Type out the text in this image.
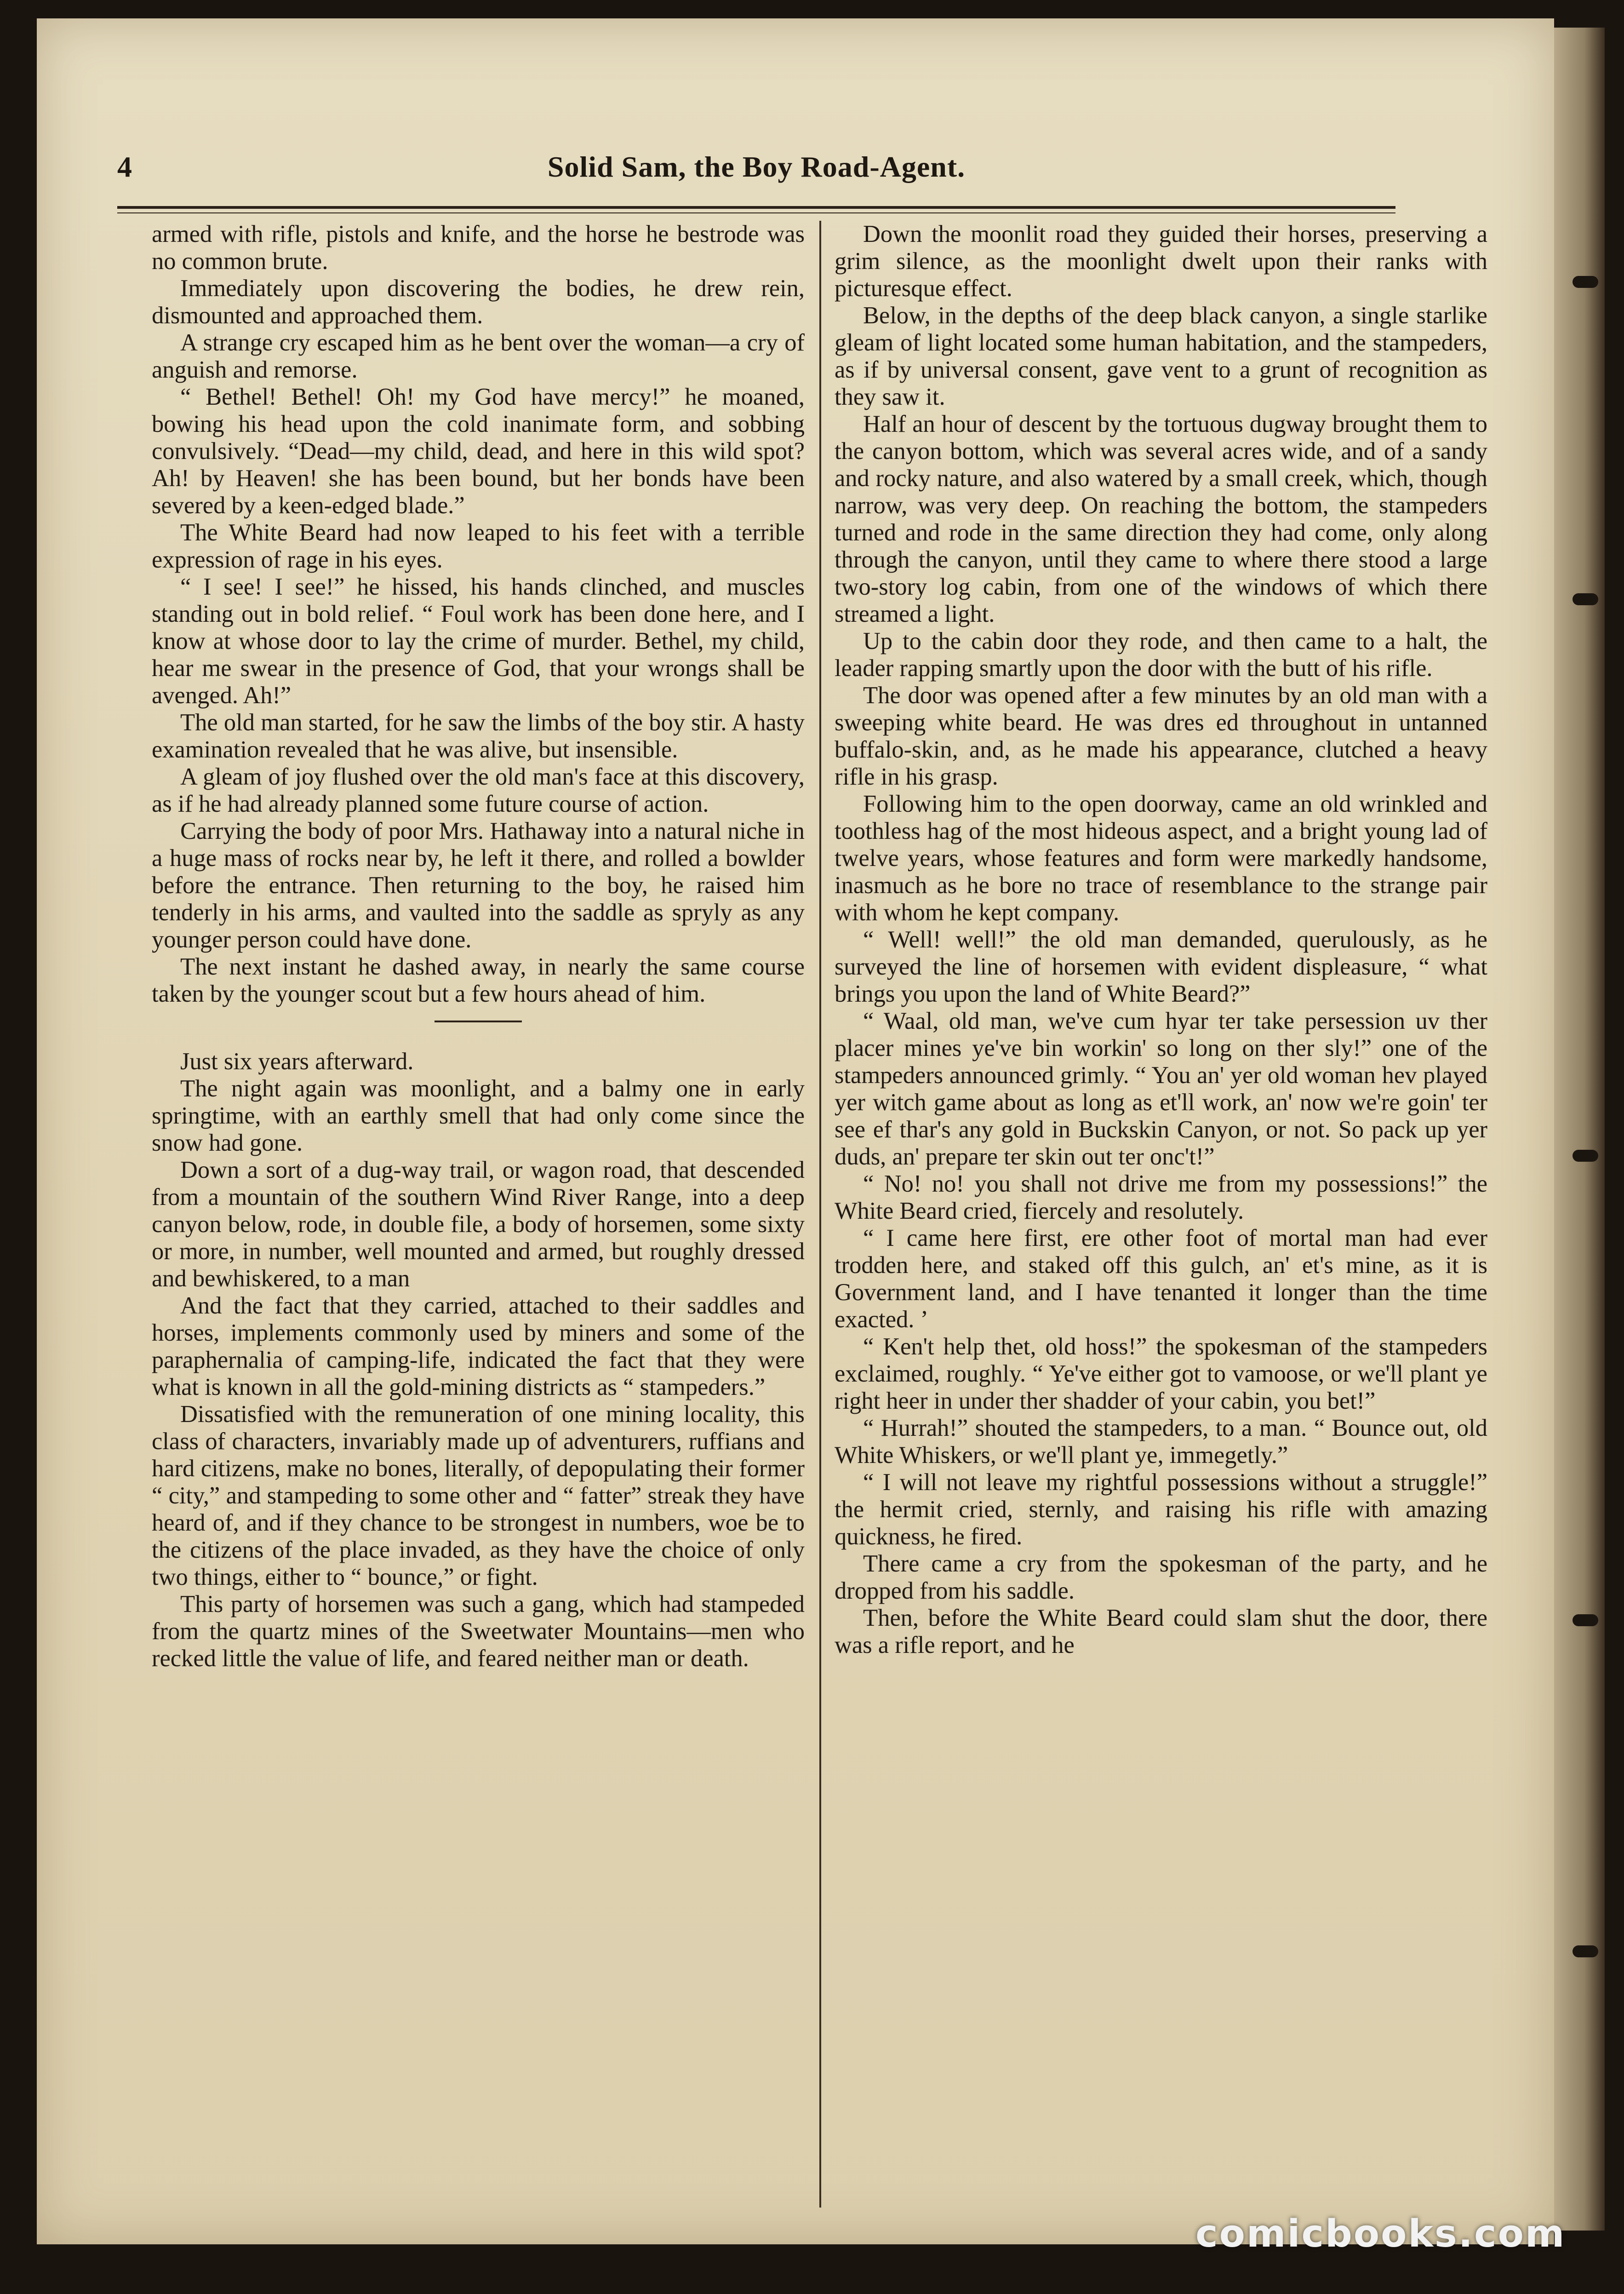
4	Solid Sam, the Boy Road-Agent.

armed with rifle, pistols and knife, and the horse he bestrode was no common brute.

Immediately upon discovering the bodies, he drew rein, dismounted and approached them.

A strange cry escaped him as he bent over the woman—a cry of anguish and remorse.

“ Bethel! Bethel! Oh! my God have mercy!” he moaned, bowing his head upon the cold inanimate form, and sobbing convulsively. “Dead—my child, dead, and here in this wild spot? Ah! by Heaven! she has been bound, but her bonds have been severed by a keen-edged blade.”

The White Beard had now leaped to his feet with a terrible expression of rage in his eyes.

“ I see! I see!” he hissed, his hands clinched, and muscles standing out in bold relief. “ Foul work has been done here, and I know at whose door to lay the crime of murder. Bethel, my child, hear me swear in the presence of God, that your wrongs shall be avenged. Ah!”

The old man started, for he saw the limbs of the boy stir. A hasty examination revealed that he was alive, but insensible.

A gleam of joy flushed over the old man's face at this discovery, as if he had already planned some future course of action.

Carrying the body of poor Mrs. Hathaway into a natural niche in a huge mass of rocks near by, he left it there, and rolled a bowlder before the entrance. Then returning to the boy, he raised him tenderly in his arms, and vaulted into the saddle as spryly as any younger person could have done.

The next instant he dashed away, in nearly the same course taken by the younger scout but a few hours ahead of him.

Just six years afterward.

The night again was moonlight, and a balmy one in early springtime, with an earthly smell that had only come since the snow had gone.

Down a sort of a dug-way trail, or wagon road, that descended from a mountain of the southern Wind River Range, into a deep canyon below, rode, in double file, a body of horsemen, some sixty or more, in number, well mounted and armed, but roughly dressed and bewhiskered, to a man

And the fact that they carried, attached to their saddles and horses, implements commonly used by miners and some of the paraphernalia of camping-life, indicated the fact that they were what is known in all the gold-mining districts as “ stampeders.”

Dissatisfied with the remuneration of one mining locality, this class of characters, invariably made up of adventurers, ruffians and hard citizens, make no bones, literally, of depopulating their former “ city,” and stampeding to some other and “ fatter” streak they have heard of, and if they chance to be strongest in numbers, woe be to the citizens of the place invaded, as they have the choice of only two things, either to “ bounce,” or fight.

This party of horsemen was such a gang, which had stampeded from the quartz mines of the Sweetwater Mountains—men who recked little the value of life, and feared neither man or death.

Down the moonlit road they guided their horses, preserving a grim silence, as the moonlight dwelt upon their ranks with picturesque effect.

Below, in the depths of the deep black canyon, a single starlike gleam of light located some human habitation, and the stampeders, as if by universal consent, gave vent to a grunt of recognition as they saw it.

Half an hour of descent by the tortuous dugway brought them to the canyon bottom, which was several acres wide, and of a sandy and rocky nature, and also watered by a small creek, which, though narrow, was very deep. On reaching the bottom, the stampeders turned and rode in the same direction they had come, only along through the canyon, until they came to where there stood a large two-story log cabin, from one of the windows of which there streamed a light.

Up to the cabin door they rode, and then came to a halt, the leader rapping smartly upon the door with the butt of his rifle.

The door was opened after a few minutes by an old man with a sweeping white beard. He was dres ed throughout in untanned buffalo-skin, and, as he made his appearance, clutched a heavy rifle in his grasp.

Following him to the open doorway, came an old wrinkled and toothless hag of the most hideous aspect, and a bright young lad of twelve years, whose features and form were markedly handsome, inasmuch as he bore no trace of resemblance to the strange pair with whom he kept company.

“ Well! well!” the old man demanded, querulously, as he surveyed the line of horsemen with evident displeasure, “ what brings you upon the land of White Beard?”

“ Waal, old man, we've cum hyar ter take persession uv ther placer mines ye've bin workin' so long on ther sly!” one of the stampeders announced grimly. “ You an' yer old woman hev played yer witch game about as long as et'll work, an' now we're goin' ter see ef thar's any gold in Buckskin Canyon, or not. So pack up yer duds, an' prepare ter skin out ter onc't!”

“ No! no! you shall not drive me from my possessions!” the White Beard cried, fiercely and resolutely.

“ I came here first, ere other foot of mortal man had ever trodden here, and staked off this gulch, an' et's mine, as it is Government land, and I have tenanted it longer than the time exacted. ’

“ Ken't help thet, old hoss!” the spokesman of the stampeders exclaimed, roughly. “ Ye've either got to vamoose, or we'll plant ye right heer in under ther shadder of your cabin, you bet!”

“ Hurrah!” shouted the stampeders, to a man. “ Bounce out, old White Whiskers, or we'll plant ye, immegetly.”

“ I will not leave my rightful possessions without a struggle!” the hermit cried, sternly, and raising his rifle with amazing quickness, he fired.

There came a cry from the spokesman of the party, and he dropped from his saddle.

Then, before the White Beard could slam shut the door, there was a rifle report, and he

comicbooks.com
